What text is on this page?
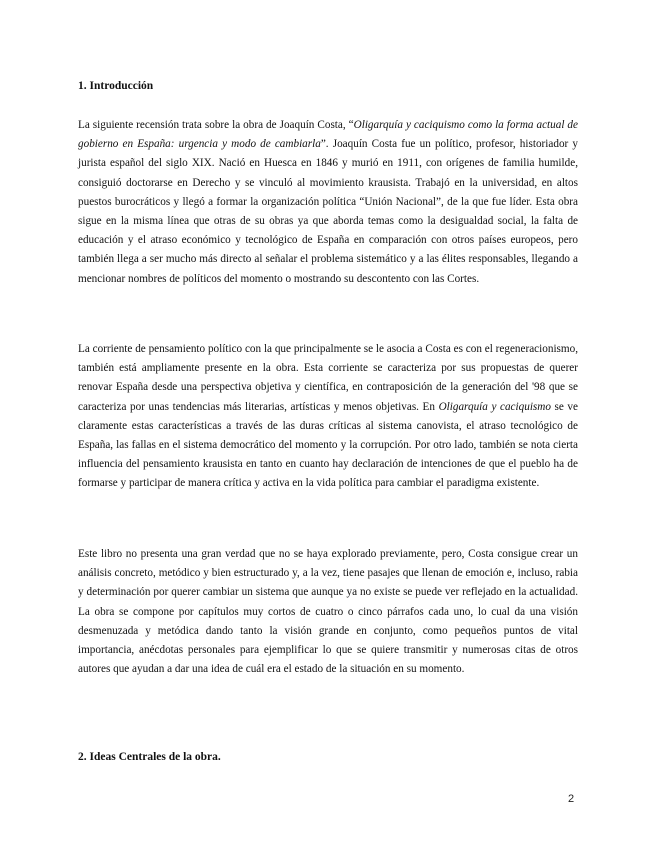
1. Introducción

La siguiente recensión trata sobre la obra de Joaquín Costa, “Oligarquía y caciquismo como la forma actual de gobierno en España: urgencia y modo de cambiarla”. Joaquín Costa fue un político, profesor, historiador y jurista español del siglo XIX. Nació en Huesca en 1846 y murió en 1911, con orígenes de familia humilde, consiguió doctorarse en Derecho y se vinculó al movimiento krausista. Trabajó en la universidad, en altos puestos burocráticos y llegó a formar la organización política “Unión Nacional”, de la que fue líder. Esta obra sigue en la misma línea que otras de su obras ya que aborda temas como la desigualdad social, la falta de educación y el atraso económico y tecnológico de España en comparación con otros países europeos, pero también llega a ser mucho más directo al señalar el problema sistemático y a las élites responsables, llegando a mencionar nombres de políticos del momento o mostrando su descontento con las Cortes.

La corriente de pensamiento político con la que principalmente se le asocia a Costa es con el regeneracionismo, también está ampliamente presente en la obra. Esta corriente se caracteriza por sus propuestas de querer renovar España desde una perspectiva objetiva y científica, en contraposición de la generación del '98 que se caracteriza por unas tendencias más literarias, artísticas y menos objetivas. En Oligarquía y caciquismo se ve claramente estas características a través de las duras críticas al sistema canovista, el atraso tecnológico de España, las fallas en el sistema democrático del momento y la corrupción. Por otro lado, también se nota cierta influencia del pensamiento krausista en tanto en cuanto hay declaración de intenciones de que el pueblo ha de formarse y participar de manera crítica y activa en la vida política para cambiar el paradigma existente.

Este libro no presenta una gran verdad que no se haya explorado previamente, pero, Costa consigue crear un análisis concreto, metódico y bien estructurado y, a la vez, tiene pasajes que llenan de emoción e, incluso, rabia y determinación por querer cambiar un sistema que aunque ya no existe se puede ver reflejado en la actualidad. La obra se compone por capítulos muy cortos de cuatro o cinco párrafos cada uno, lo cual da una visión desmenuzada y metódica dando tanto la visión grande en conjunto, como pequeños puntos de vital importancia, anécdotas personales para ejemplificar lo que se quiere transmitir y numerosas citas de otros autores que ayudan a dar una idea de cuál era el estado de la situación en su momento.

2. Ideas Centrales de la obra.
2
